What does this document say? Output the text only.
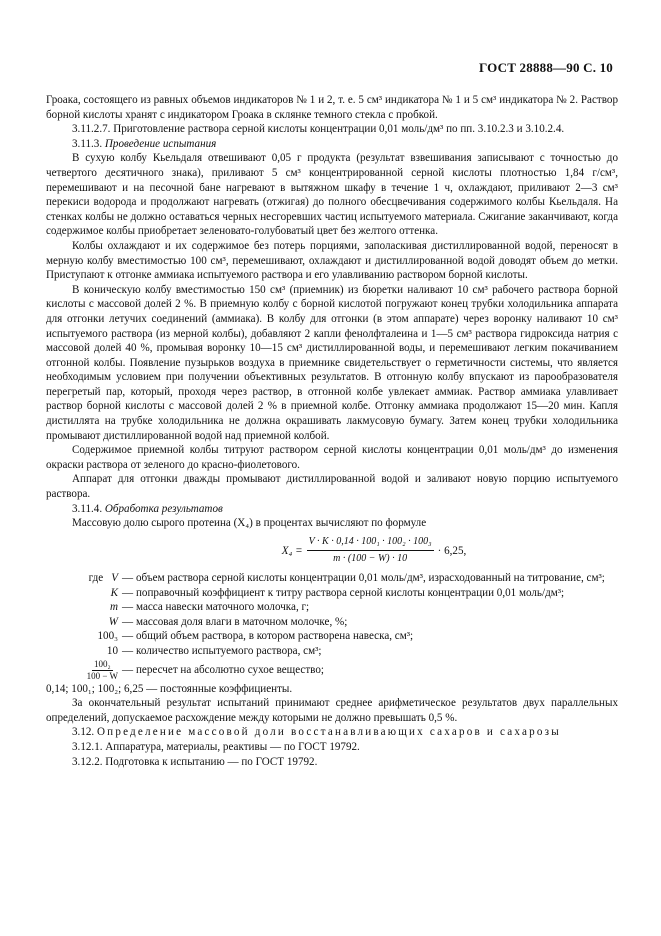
ГОСТ 28888—90 С. 10

Гроака, состоящего из равных объемов индикаторов № 1 и 2, т. е. 5 см³ индикатора № 1 и 5 см³ индикатора № 2. Раствор борной кислоты хранят с индикатором Гроака в склянке темного стекла с пробкой.

3.11.2.7. Приготовление раствора серной кислоты концентрации 0,01 моль/дм³ по пп. 3.10.2.3 и 3.10.2.4.

3.11.3. Проведение испытания

В сухую колбу Кьельдаля отвешивают 0,05 г продукта (результат взвешивания записывают с точностью до четвертого десятичного знака), приливают 5 см³ концентрированной серной кислоты плотностью 1,84 г/см³, перемешивают и на песочной бане нагревают в вытяжном шкафу в течение 1 ч, охлаждают, приливают 2—3 см³ перекиси водорода и продолжают нагревать (отжигая) до полного обесцвечивания содержимого колбы Кьельдаля. На стенках колбы не должно оставаться черных несгоревших частиц испытуемого материала. Сжигание заканчивают, когда содержимое колбы приобретает зеленовато-голубоватый цвет без желтого оттенка.

Колбы охлаждают и их содержимое без потерь порциями, заполаскивая дистиллированной водой, переносят в мерную колбу вместимостью 100 см³, перемешивают, охлаждают и дистиллированной водой доводят объем до метки. Приступают к отгонке аммиака испытуемого раствора и его улавливанию раствором борной кислоты.

В коническую колбу вместимостью 150 см³ (приемник) из бюретки наливают 10 см³ рабочего раствора борной кислоты с массовой долей 2 %. В приемную колбу с борной кислотой погружают конец трубки холодильника аппарата для отгонки летучих соединений (аммиака). В колбу для отгонки (в этом аппарате) через воронку наливают 10 см³ испытуемого раствора (из мерной колбы), добавляют 2 капли фенолфталеина и 1—5 см³ раствора гидроксида натрия с массовой долей 40 %, промывая воронку 10—15 см³ дистиллированной воды, и перемешивают легким покачиванием отгонной колбы. Появление пузырьков воздуха в приемнике свидетельствует о герметичности системы, что является необходимым условием при получении объективных результатов. В отгонную колбу впускают из парообразователя перегретый пар, который, проходя через раствор, в отгонной колбе увлекает аммиак. Раствор аммиака улавливает раствор борной кислоты с массовой долей 2 % в приемной колбе. Отгонку аммиака продолжают 15—20 мин. Капля дистиллята на трубке холодильника не должна окрашивать лакмусовую бумагу. Затем конец трубки холодильника промывают дистиллированной водой над приемной колбой.

Содержимое приемной колбы титруют раствором серной кислоты концентрации 0,01 моль/дм³ до изменения окраски раствора от зеленого до красно-фиолетового.

Аппарат для отгонки дважды промывают дистиллированной водой и заливают новую порцию испытуемого раствора.

3.11.4. Обработка результатов

Массовую долю сырого протеина (X₄) в процентах вычисляют по формуле

$X_4 = \frac{\text{V · K · 0,14 · 100₁ · 100₂ · 100₃}}{m \cdot (100 - W) \cdot 10} \cdot 6,25$,
где V — объем раствора серной кислоты концентрации 0,01 моль/дм³, израсходованный на титрование, см³;
K — поправочный коэффициент к титру раствора серной кислоты концентрации 0,01 моль/дм³;
m — масса навески маточного молочка, г;
W — массовая доля влаги в маточном молочке, %;
100₃ — общий объем раствора, в котором растворена навеска, см³;
10 — количество испытуемого раствора, см³;
$\frac{\text{100₂}}{100 - W}$ — пересчет на абсолютно сухое вещество;

0,14; 100₁; 100₂; 6,25 — постоянные коэффициенты.

За окончательный результат испытаний принимают среднее арифметическое результатов двух параллельных определений, допускаемое расхождение между которыми не должно превышать 0,5 %.

3.12. Определение массовой доли восстанавливающих сахаров и сахарозы

3.12.1. Аппаратура, материалы, реактивы — по ГОСТ 19792.

3.12.2. Подготовка к испытанию — по ГОСТ 19792.
